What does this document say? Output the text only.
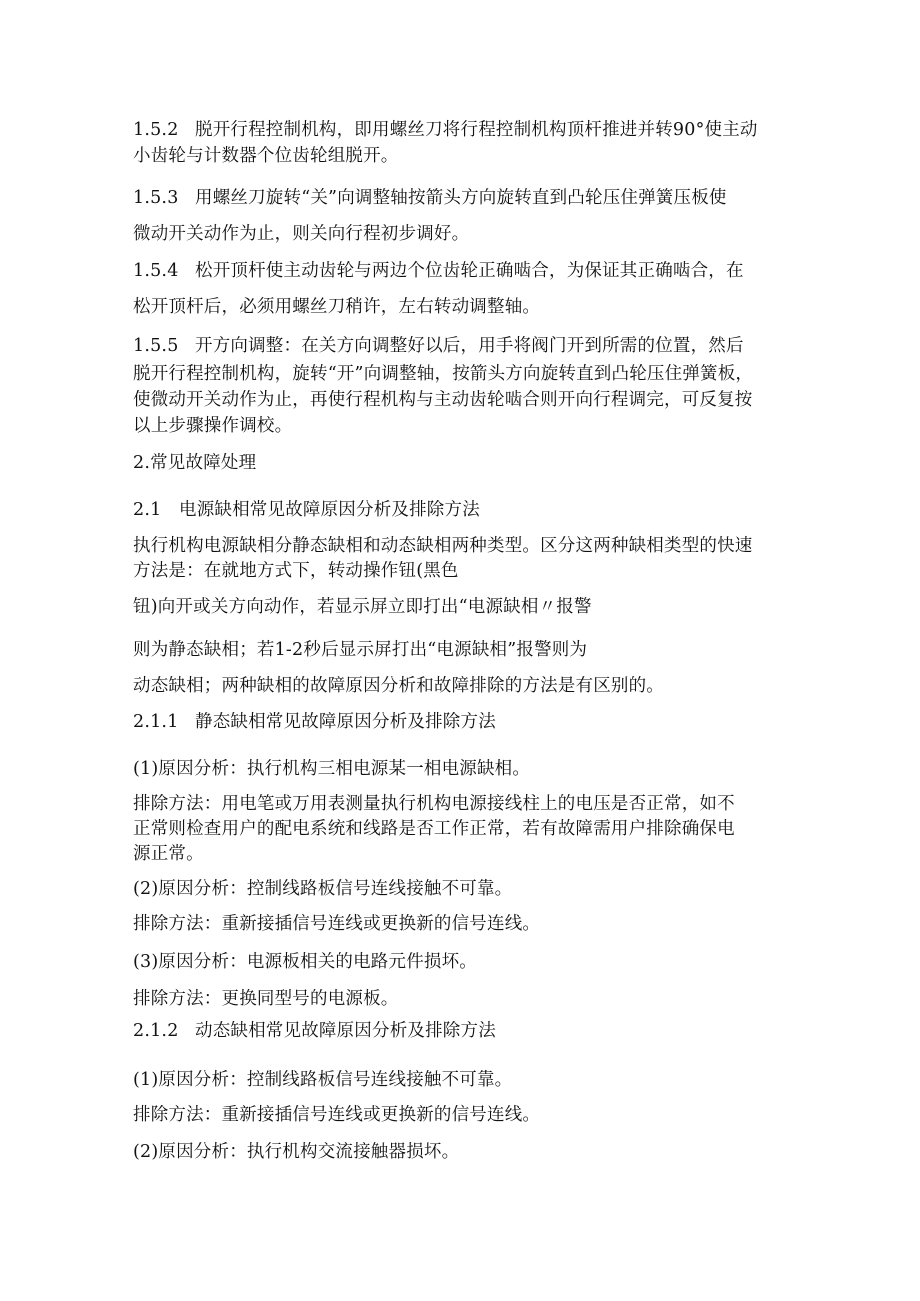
1.5.2 脱开行程控制机构，即用螺丝刀将行程控制机构顶杆推进并转90°使主动
小齿轮与计数器个位齿轮组脱开。
1.5.3 用螺丝刀旋转“关”向调整轴按箭头方向旋转直到凸轮压住弹簧压板使
微动开关动作为止，则关向行程初步调好。
1.5.4 松开顶杆使主动齿轮与两边个位齿轮正确啮合，为保证其正确啮合，在
松开顶杆后，必须用螺丝刀稍许，左右转动调整轴。
1.5.5 开方向调整：在关方向调整好以后，用手将阀门开到所需的位置，然后
脱开行程控制机构，旋转“开”向调整轴，按箭头方向旋转直到凸轮压住弹簧板，
使微动开关动作为止，再使行程机构与主动齿轮啮合则开向行程调完，可反复按
以上步骤操作调校。
2.常见故障处理
2.1 电源缺相常见故障原因分析及排除方法
执行机构电源缺相分静态缺相和动态缺相两种类型。区分这两种缺相类型的快速
方法是：在就地方式下，转动操作钮(黑色
钮)向开或关方向动作，若显示屏立即打出“电源缺相〃报警
则为静态缺相；若1-2秒后显示屏打出“电源缺相”报警则为
动态缺相；两种缺相的故障原因分析和故障排除的方法是有区别的。
2.1.1 静态缺相常见故障原因分析及排除方法
(1)原因分析：执行机构三相电源某一相电源缺相。
排除方法：用电笔或万用表测量执行机构电源接线柱上的电压是否正常，如不
正常则检查用户的配电系统和线路是否工作正常，若有故障需用户排除确保电
源正常。
(2)原因分析：控制线路板信号连线接触不可靠。
排除方法：重新接插信号连线或更换新的信号连线。
(3)原因分析：电源板相关的电路元件损坏。
排除方法：更换同型号的电源板。
2.1.2 动态缺相常见故障原因分析及排除方法
(1)原因分析：控制线路板信号连线接触不可靠。
排除方法：重新接插信号连线或更换新的信号连线。
(2)原因分析：执行机构交流接触器损坏。
